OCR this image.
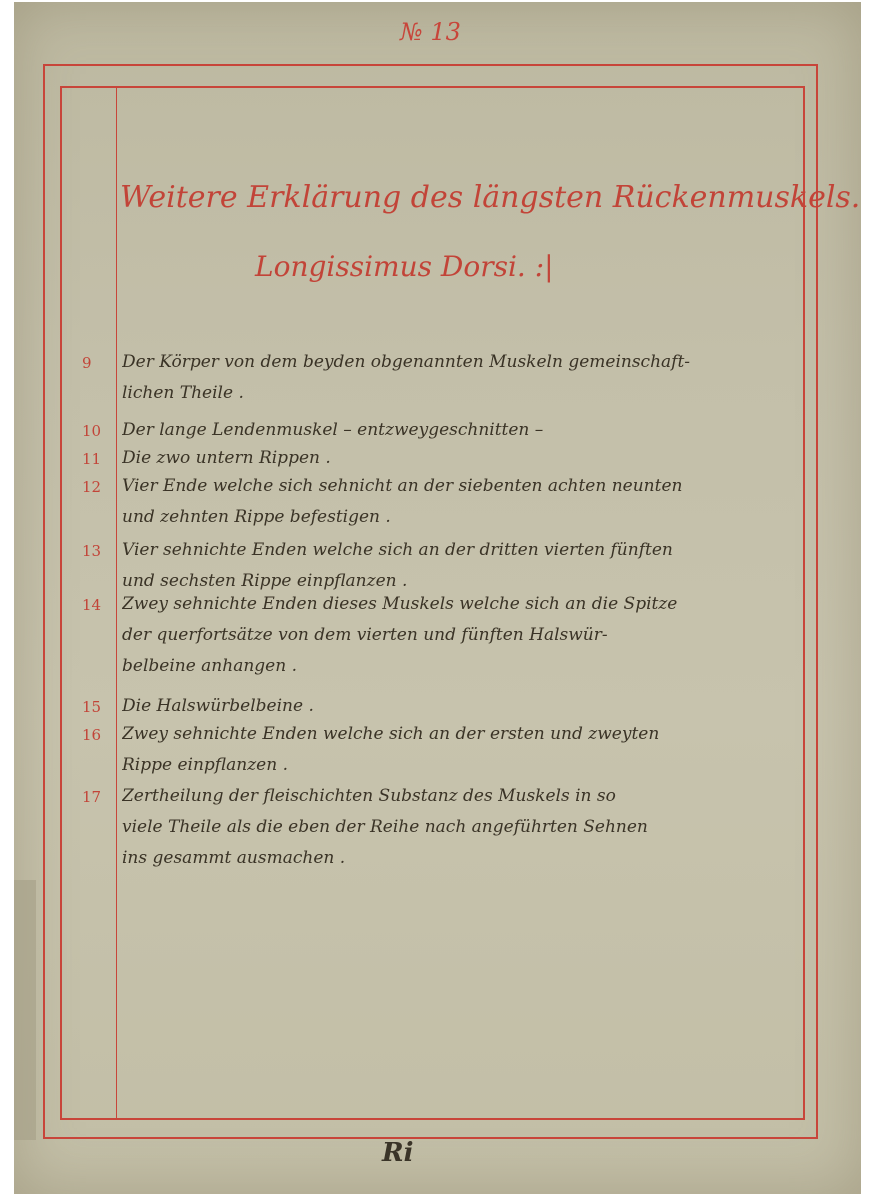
№ 13
Weitere Erklärung des längsten Rückenmuskels.
Longissimus Dorsi. :|
9	Der Körper von dem beyden obgenannten Muskeln gemeinschaft-
lichen Theile .
10	Der lange Lendenmuskel – entzweygeschnitten –
11	Die zwo untern Rippen .
12	Vier Ende welche sich sehnicht an der siebenten achten neunten
und zehnten Rippe befestigen .
13	Vier sehnichte Enden welche sich an der dritten vierten fünften
und sechsten Rippe einpflanzen .
14	Zwey sehnichte Enden dieses Muskels welche sich an die Spitze
der querfortsätze von dem vierten und fünften Halswür-
belbeine anhangen .
15	Die Halswürbelbeine .
16	Zwey sehnichte Enden welche sich an der ersten und zweyten
Rippe einpflanzen .
17	Zertheilung der fleischichten Substanz des Muskels in so
viele Theile als die eben der Reihe nach angeführten Sehnen
ins gesammt ausmachen .
Ri
